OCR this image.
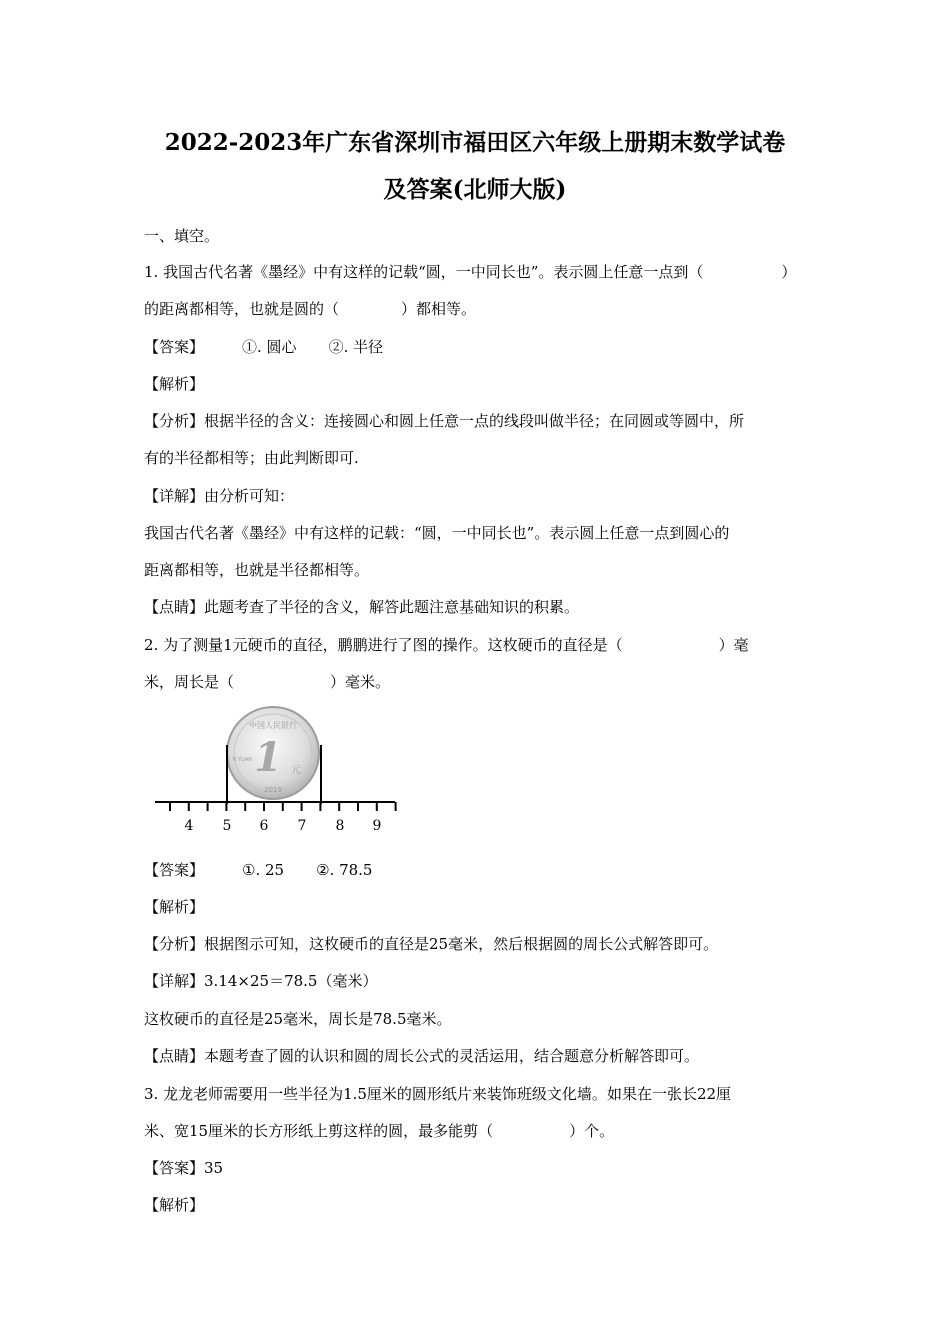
2022-2023年广东省深圳市福田区六年级上册期末数学试卷
及答案(北师大版)
一、填空。
1. 我国古代名著《墨经》中有这样的记载“圆，一中同长也”。表示圆上任意一点到（	）
的距离都相等，也就是圆的（	）都相等。
【答案】	①. 圆心 ②. 半径
【解析】
【分析】根据半径的含义：连接圆心和圆上任意一点的线段叫做半径；在同圆或等圆中，所
有的半径都相等；由此判断即可.
【详解】由分析可知：
我国古代名著《墨经》中有这样的记载：“圆，一中同长也”。表示圆上任意一点到圆心的
距离都相等，也就是半径都相等。
【点睛】此题考查了半径的含义，解答此题注意基础知识的积累。
2. 为了测量1元硬币的直径，鹏鹏进行了图的操作。这枚硬币的直径是（	）毫
米，周长是（	）毫米。
中国人民银行
1 元
YI YUAN
2019
4 5 6 7 8 9
【答案】	①. 25 ②. 78.5
【解析】
【分析】根据图示可知，这枚硬币的直径是25毫米，然后根据圆的周长公式解答即可。
【详解】3.14×25＝78.5（毫米）
这枚硬币的直径是25毫米，周长是78.5毫米。
【点睛】本题考查了圆的认识和圆的周长公式的灵活运用，结合题意分析解答即可。
3. 龙龙老师需要用一些半径为1.5厘米的圆形纸片来装饰班级文化墙。如果在一张长22厘
米、宽15厘米的长方形纸上剪这样的圆，最多能剪（	）个。
【答案】35
【解析】
